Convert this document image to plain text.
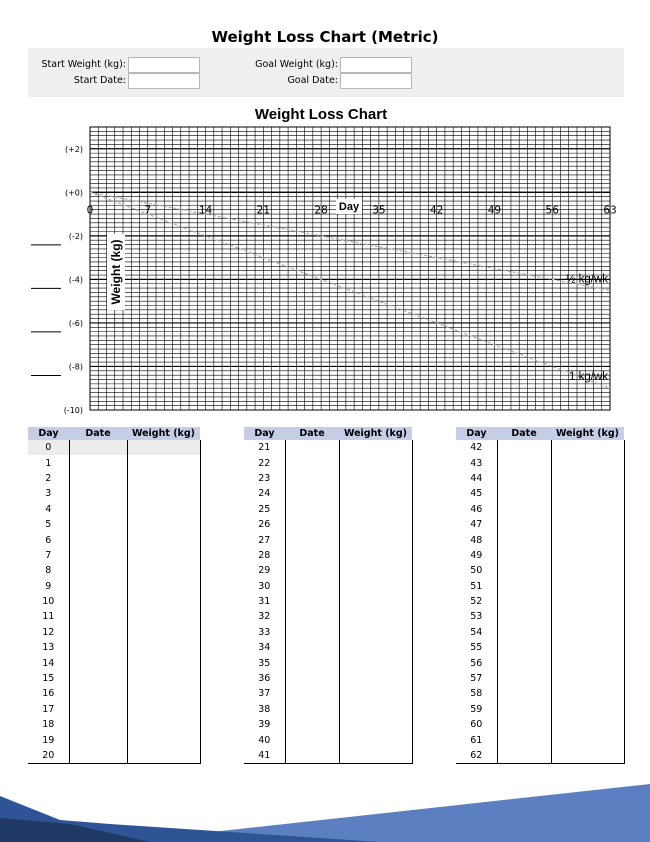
Weight Loss Chart (Metric)
Start Weight (kg):
Start Date:
Goal Weight (kg):
Goal Date:
Weight Loss Chart
0	7	14	21	28	35	42	49	56	63
(+2)
(+0)
(-2)
(-4)
(-6)
(-8)
(-10)
½ kg/wk
1 kg/wk
Day
Weight (kg)
Day	Date	Weight (kg)
0		
1		
2		
3		
4		
5		
6		
7		
8		
9		
10		
11		
12		
13		
14		
15		
16		
17		
18		
19		
20		
Day	Date	Weight (kg)
21		
22		
23		
24		
25		
26		
27		
28		
29		
30		
31		
32		
33		
34		
35		
36		
37		
38		
39		
40		
41		
Day	Date	Weight (kg)
42		
43		
44		
45		
46		
47		
48		
49		
50		
51		
52		
53		
54		
55		
56		
57		
58		
59		
60		
61		
62		
